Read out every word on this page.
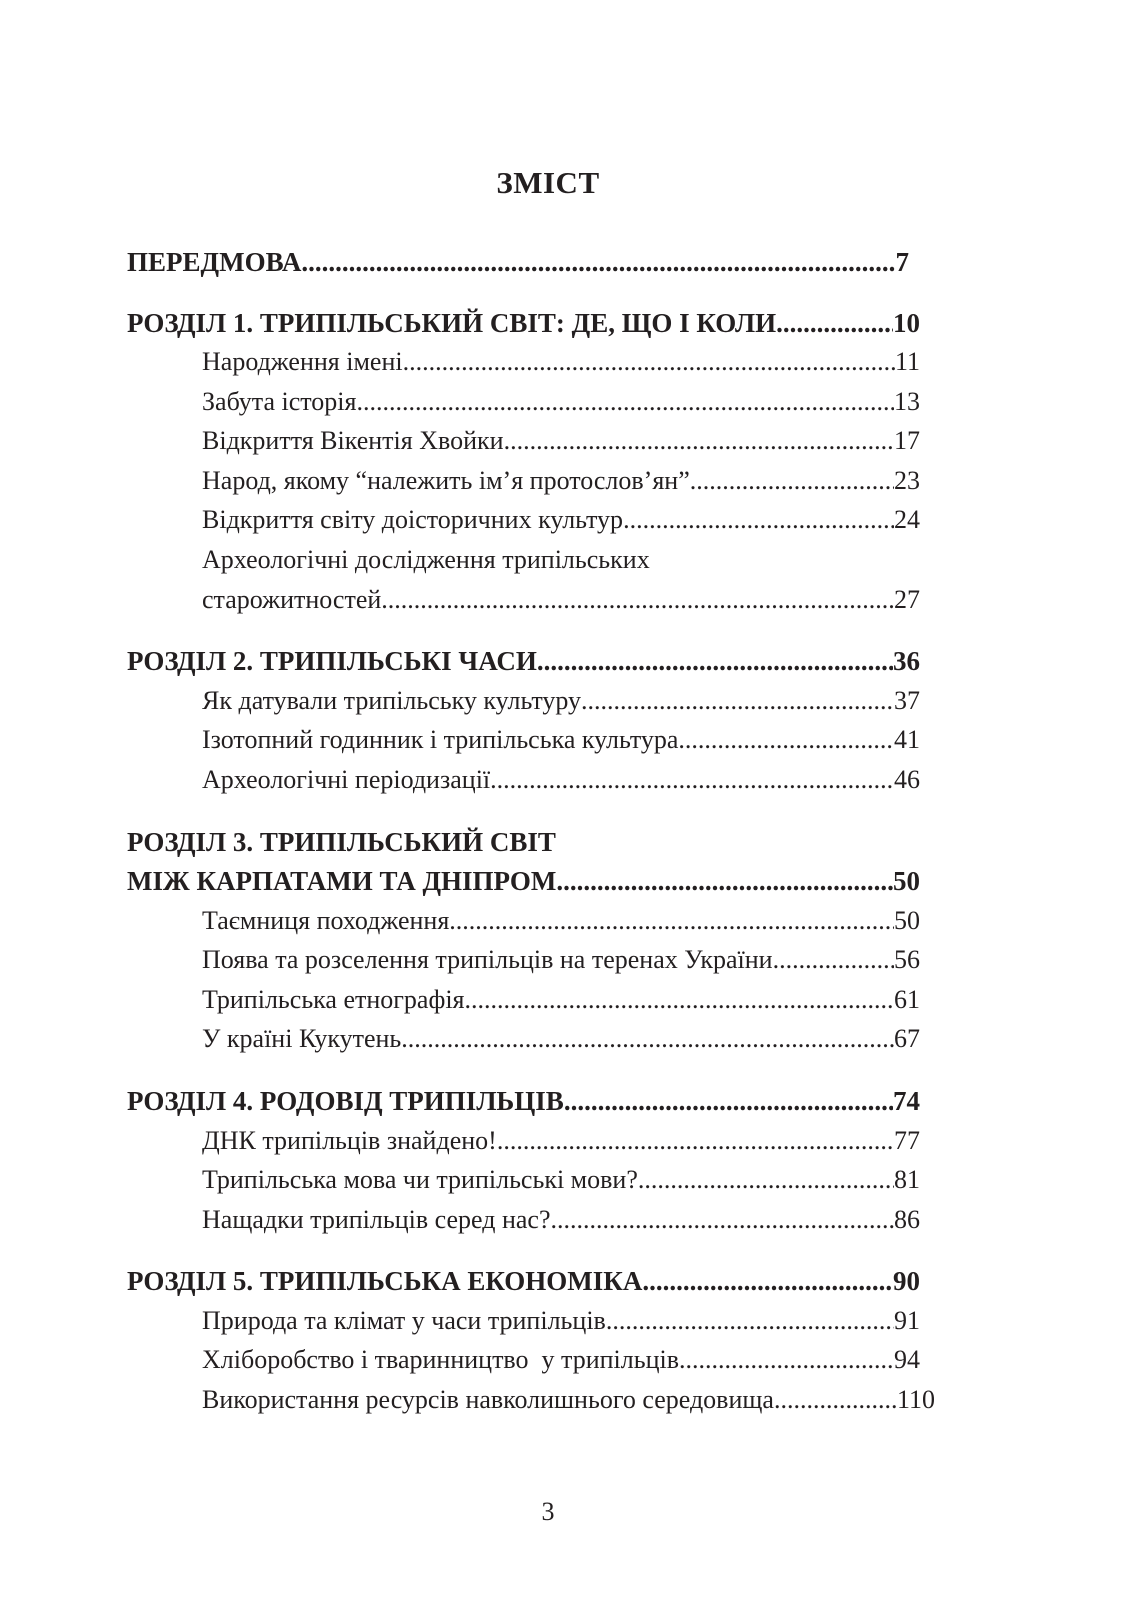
ЗМІСТ
ПЕРЕДМОВА .....	7
РОЗДІЛ 1. ТРИПІЛЬСЬКИЙ СВІТ: ДЕ, ЩО І КОЛИ .....	10
Народження імені .....	11
Забута історія .....	13
Відкриття Вікентія Хвойки .....	17
Народ, якому “належить ім’я протослов’ян” .....	23
Відкриття світу доісторичних культур .....	24
Археологічні дослідження трипільських
старожитностей .....	27
РОЗДІЛ 2. ТРИПІЛЬСЬКІ ЧАСИ .....	36
Як датували трипільську культуру .....	37
Ізотопний годинник і трипільська культура .....	41
Археологічні періодизації .....	46
РОЗДІЛ 3. ТРИПІЛЬСЬКИЙ СВІТ
МІЖ КАРПАТАМИ ТА ДНІПРОМ .....	50
Таємниця походження .....	50
Поява та розселення трипільців на теренах України .....	56
Трипільська етнографія .....	61
У країні Кукутень .....	67
РОЗДІЛ 4. РОДОВІД ТРИПІЛЬЦІВ .....	74
ДНК трипільців знайдено! .....	77
Трипільська мова чи трипільські мови? .....	81
Нащадки трипільців серед нас? .....	86
РОЗДІЛ 5. ТРИПІЛЬСЬКА ЕКОНОМІКА .....	90
Природа та клімат у часи трипільців .....	91
Хліборобство і тваринництво  у трипільців .....	94
Використання ресурсів навколишнього середовища .....	110
3
